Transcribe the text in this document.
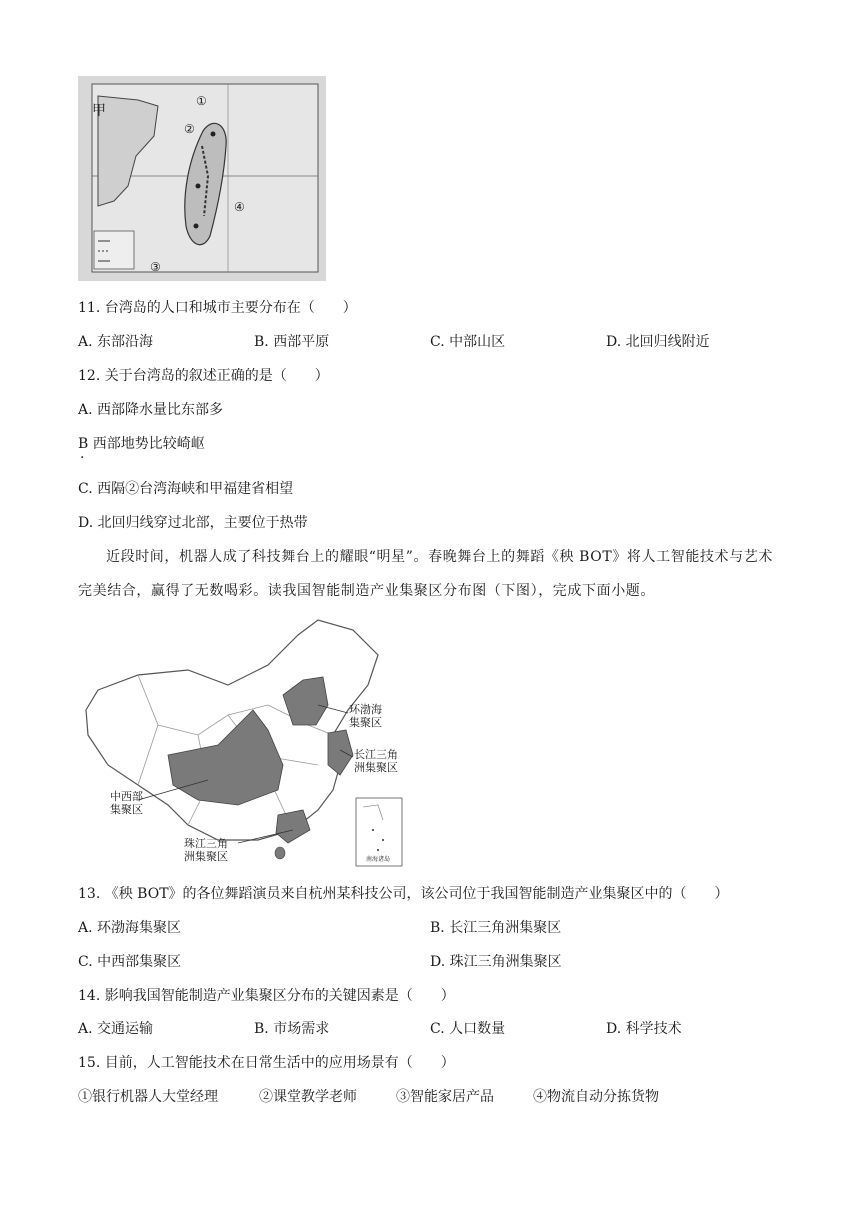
甲
①
②
③
④
11. 台湾岛的人口和城市主要分布在（　　）
A. 东部沿海	B. 西部平原	C. 中部山区	D. 北回归线附近
12. 关于台湾岛的叙述正确的是（　　）
A. 西部降水量比东部多
B 西部地势比较崎岖
·
C. 西隔②台湾海峡和甲福建省相望
D. 北回归线穿过北部，主要位于热带
近段时间，机器人成了科技舞台上的耀眼“明星”。春晚舞台上的舞蹈《秧 BOT》将人工智能技术与艺术完美结合，赢得了无数喝彩。读我国智能制造产业集聚区分布图（下图），完成下面小题。
环渤海
集聚区
长江三角
洲集聚区
中西部
集聚区
珠江三角
洲集聚区	南海诸岛
13. 《秧 BOT》的各位舞蹈演员来自杭州某科技公司，该公司位于我国智能制造产业集聚区中的（　　）
A. 环渤海集聚区	B. 长江三角洲集聚区
C. 中西部集聚区	D. 珠江三角洲集聚区
14. 影响我国智能制造产业集聚区分布的关键因素是（　　）
A. 交通运输	B. 市场需求	C. 人口数量	D. 科学技术
15. 目前，人工智能技术在日常生活中的应用场景有（　　）
①银行机器人大堂经理	②课堂教学老师	③智能家居产品	④物流自动分拣货物
